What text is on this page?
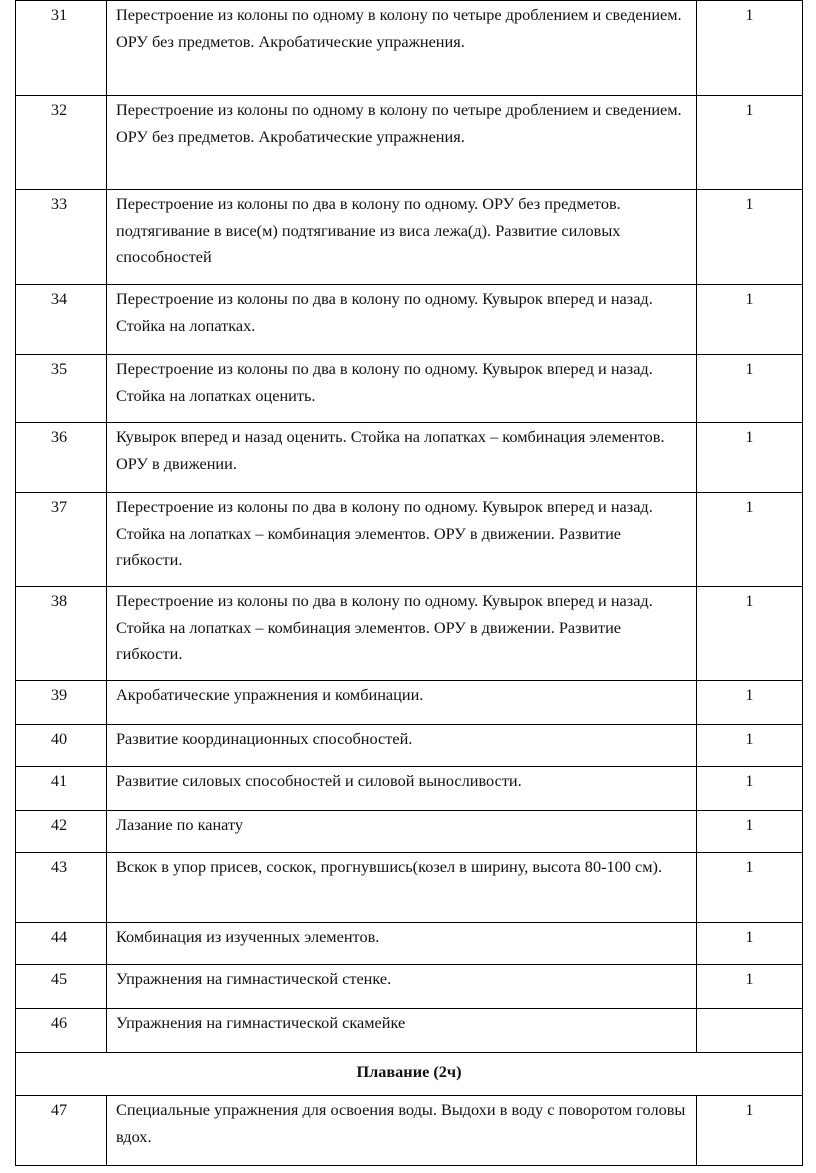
31	Перестроение из колоны по одному в колону по четыре дроблением и сведением. ОРУ без предметов. Акробатические упражнения.	1
32	Перестроение из колоны по одному в колону по четыре дроблением и сведением. ОРУ без предметов. Акробатические упражнения.	1
33	Перестроение из колоны по два в колону по одному. ОРУ без предметов. подтягивание в висе(м) подтягивание из виса лежа(д). Развитие силовых способностей	1
34	Перестроение из колоны по два в колону по одному. Кувырок вперед и назад. Стойка на лопатках.	1
35	Перестроение из колоны по два в колону по одному. Кувырок вперед и назад. Стойка на лопатках оценить.	1
36	Кувырок вперед и назад оценить. Стойка на лопатках – комбинация элементов. ОРУ в движении.	1
37	Перестроение из колоны по два в колону по одному. Кувырок вперед и назад. Стойка на лопатках – комбинация элементов. ОРУ в движении. Развитие гибкости.	1
38	Перестроение из колоны по два в колону по одному. Кувырок вперед и назад. Стойка на лопатках – комбинация элементов. ОРУ в движении. Развитие гибкости.	1
39	Акробатические упражнения и комбинации.	1
40	Развитие координационных способностей.	1
41	Развитие силовых способностей и силовой выносливости.	1
42	Лазание по канату	1
43	Вскок в упор присев, соскок, прогнувшись(козел в ширину, высота 80-100 см).	1
44	Комбинация из изученных элементов.	1
45	Упражнения на гимнастической стенке.	1
46	Упражнения на гимнастической скамейке	
Плавание (2ч)		
47	Специальные упражнения для освоения воды. Выдохи в воду с поворотом головы вдох.	1
